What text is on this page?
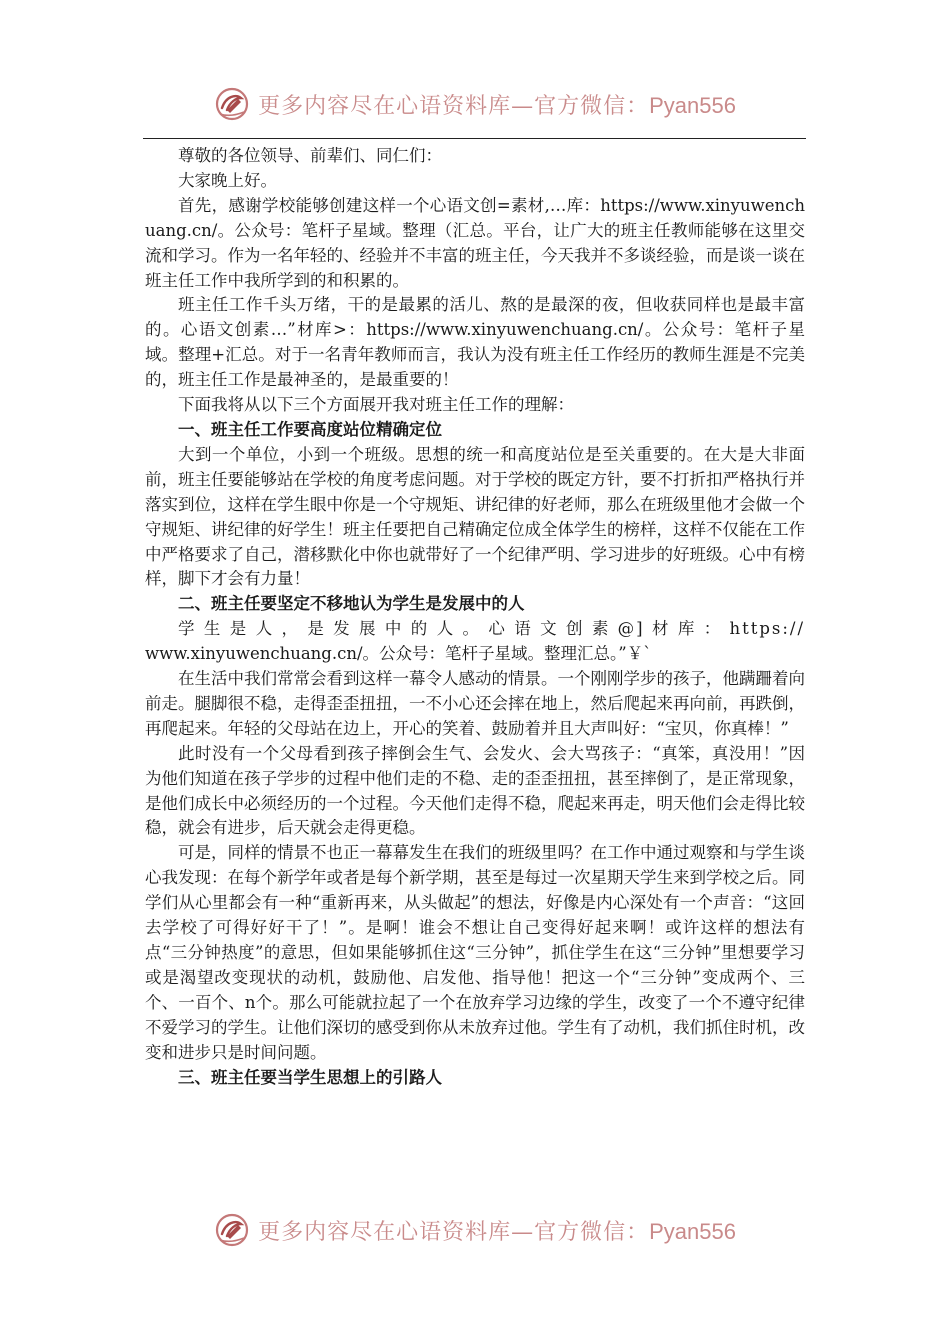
更多内容尽在心语资料库—官方微信：Pyan556

尊敬的各位领导、前辈们、同仁们：

大家晚上好。

首先，感谢学校能够创建这样一个心语文创=素材,…库：https://www.xinyuwenchuang.cn/。公众号：笔杆子星域。整理（汇总。平台，让广大的班主任教师能够在这里交流和学习。作为一名年轻的、经验并不丰富的班主任，今天我并不多谈经验，而是谈一谈在班主任工作中我所学到的和积累的。

班主任工作千头万绪，干的是最累的活儿、熬的是最深的夜，但收获同样也是最丰富的。心语文创素…”材库>：https://www.xinyuwenchuang.cn/。公众号：笔杆子星域。整理+汇总。对于一名青年教师而言，我认为没有班主任工作经历的教师生涯是不完美的，班主任工作是最神圣的，是最重要的！

下面我将从以下三个方面展开我对班主任工作的理解：

一、班主任工作要高度站位精确定位

大到一个单位，小到一个班级。思想的统一和高度站位是至关重要的。在大是大非面前，班主任要能够站在学校的角度考虑问题。对于学校的既定方针，要不打折扣严格执行并落实到位，这样在学生眼中你是一个守规矩、讲纪律的好老师，那么在班级里他才会做一个守规矩、讲纪律的好学生！班主任要把自己精确定位成全体学生的榜样，这样不仅能在工作中严格要求了自己，潜移默化中你也就带好了一个纪律严明、学习进步的好班级。心中有榜样，脚下才会有力量！

二、班主任要坚定不移地认为学生是发展中的人

学生是人，是发展中的人。心语文创素@]材库：https://

www.xinyuwenchuang.cn/。公众号：笔杆子星域。整理汇总。”￥`

在生活中我们常常会看到这样一幕令人感动的情景。一个刚刚学步的孩子，他蹒跚着向前走。腿脚很不稳，走得歪歪扭扭，一不小心还会摔在地上，然后爬起来再向前，再跌倒，再爬起来。年轻的父母站在边上，开心的笑着、鼓励着并且大声叫好：“宝贝，你真棒！”

此时没有一个父母看到孩子摔倒会生气、会发火、会大骂孩子：“真笨，真没用！”因为他们知道在孩子学步的过程中他们走的不稳、走的歪歪扭扭，甚至摔倒了，是正常现象，是他们成长中必须经历的一个过程。今天他们走得不稳，爬起来再走，明天他们会走得比较稳，就会有进步，后天就会走得更稳。

可是，同样的情景不也正一幕幕发生在我们的班级里吗？在工作中通过观察和与学生谈心我发现：在每个新学年或者是每个新学期，甚至是每过一次星期天学生来到学校之后。同学们从心里都会有一种“重新再来，从头做起”的想法，好像是内心深处有一个声音：“这回去学校了可得好好干了！”。是啊！谁会不想让自己变得好起来啊！或许这样的想法有点“三分钟热度”的意思，但如果能够抓住这“三分钟”，抓住学生在这“三分钟”里想要学习或是渴望改变现状的动机，鼓励他、启发他、指导他！把这一个“三分钟”变成两个、三个、一百个、n个。那么可能就拉起了一个在放弃学习边缘的学生，改变了一个不遵守纪律不爱学习的学生。让他们深切的感受到你从未放弃过他。学生有了动机，我们抓住时机，改变和进步只是时间问题。

三、班主任要当学生思想上的引路人
更多内容尽在心语资料库—官方微信：Pyan556
